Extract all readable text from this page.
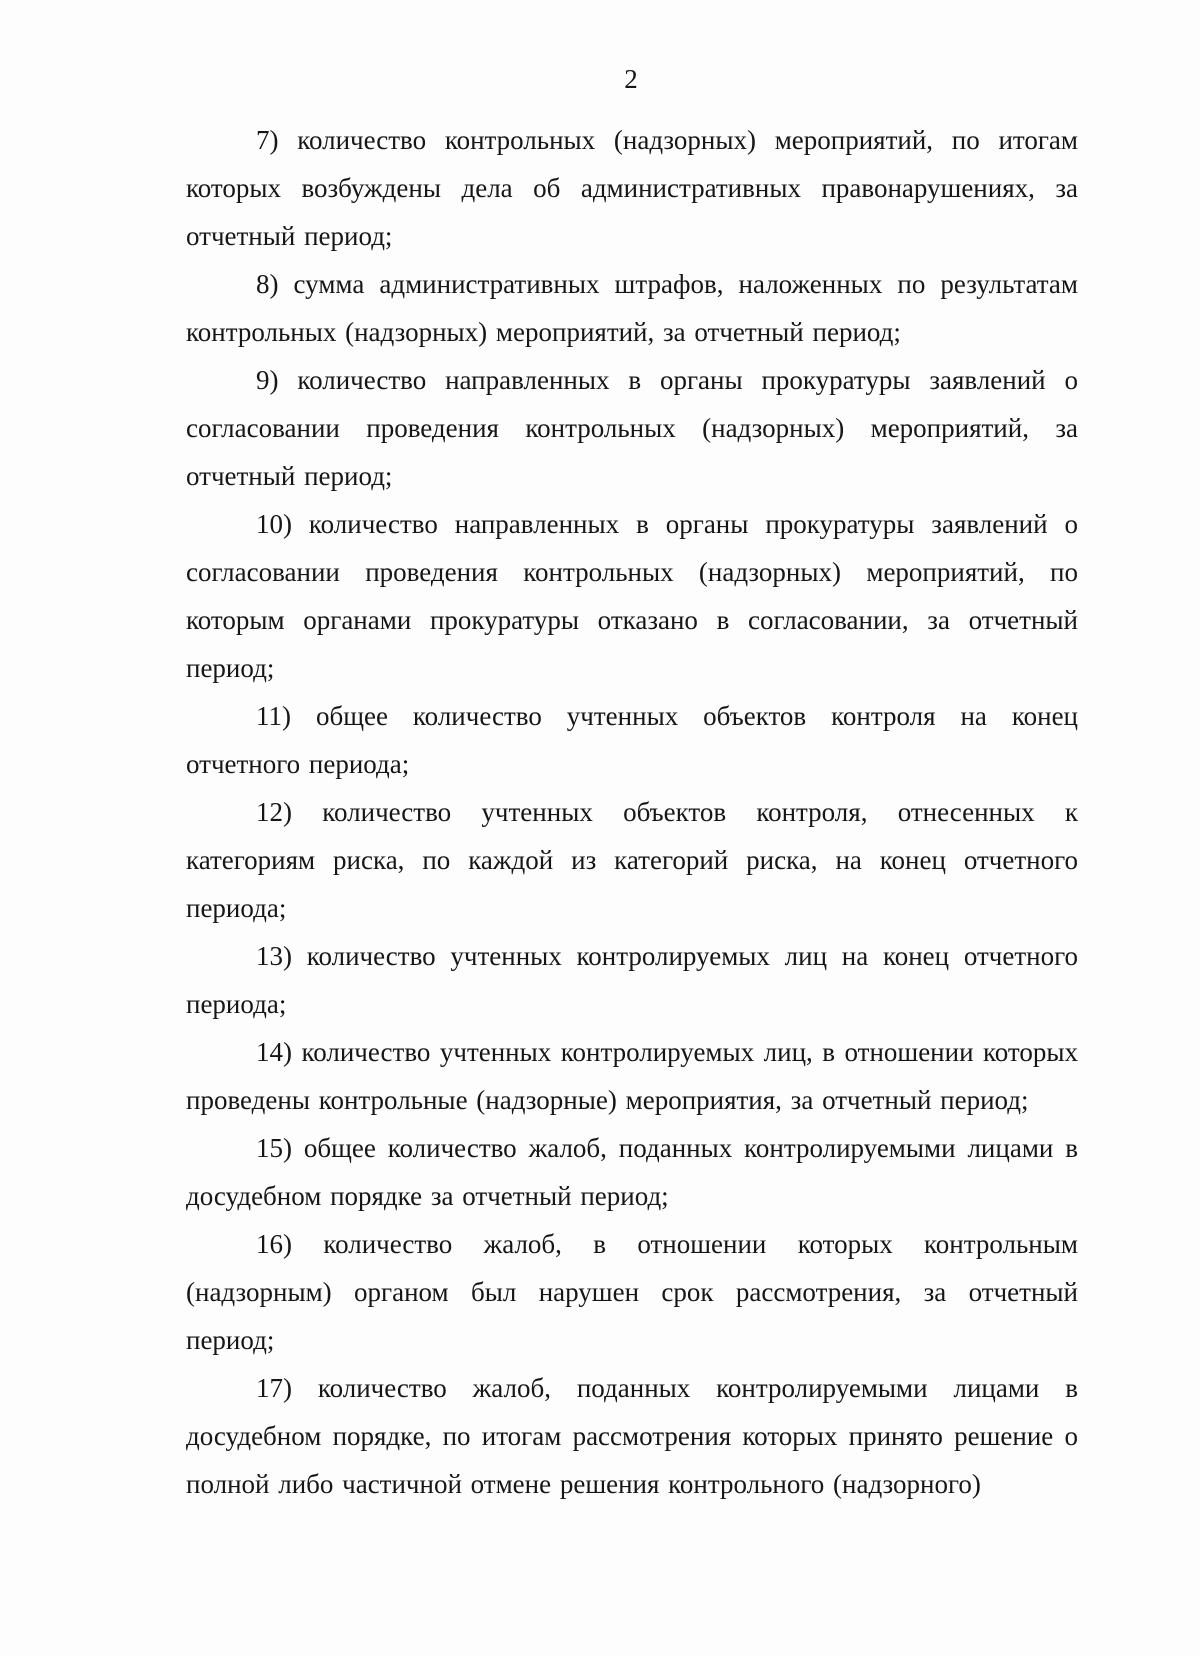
2

7) количество контрольных (надзорных) мероприятий, по итогам которых возбуждены дела об административных правонарушениях, за отчетный период;

8) сумма административных штрафов, наложенных по результатам контрольных (надзорных) мероприятий, за отчетный период;

9) количество направленных в органы прокуратуры заявлений о согласовании проведения контрольных (надзорных) мероприятий, за отчетный период;

10) количество направленных в органы прокуратуры заявлений о согласовании проведения контрольных (надзорных) мероприятий, по которым органами прокуратуры отказано в согласовании, за отчетный период;

11) общее количество учтенных объектов контроля на конец отчетного периода;

12) количество учтенных объектов контроля, отнесенных к категориям риска, по каждой из категорий риска, на конец отчетного периода;

13) количество учтенных контролируемых лиц на конец отчетного периода;

14) количество учтенных контролируемых лиц, в отношении которых проведены контрольные (надзорные) мероприятия, за отчетный период;

15) общее количество жалоб, поданных контролируемыми лицами в досудебном порядке за отчетный период;

16) количество жалоб, в отношении которых контрольным (надзорным) органом был нарушен срок рассмотрения, за отчетный период;

17) количество жалоб, поданных контролируемыми лицами в досудебном порядке, по итогам рассмотрения которых принято решение о полной либо частичной отмене решения контрольного (надзорного)
